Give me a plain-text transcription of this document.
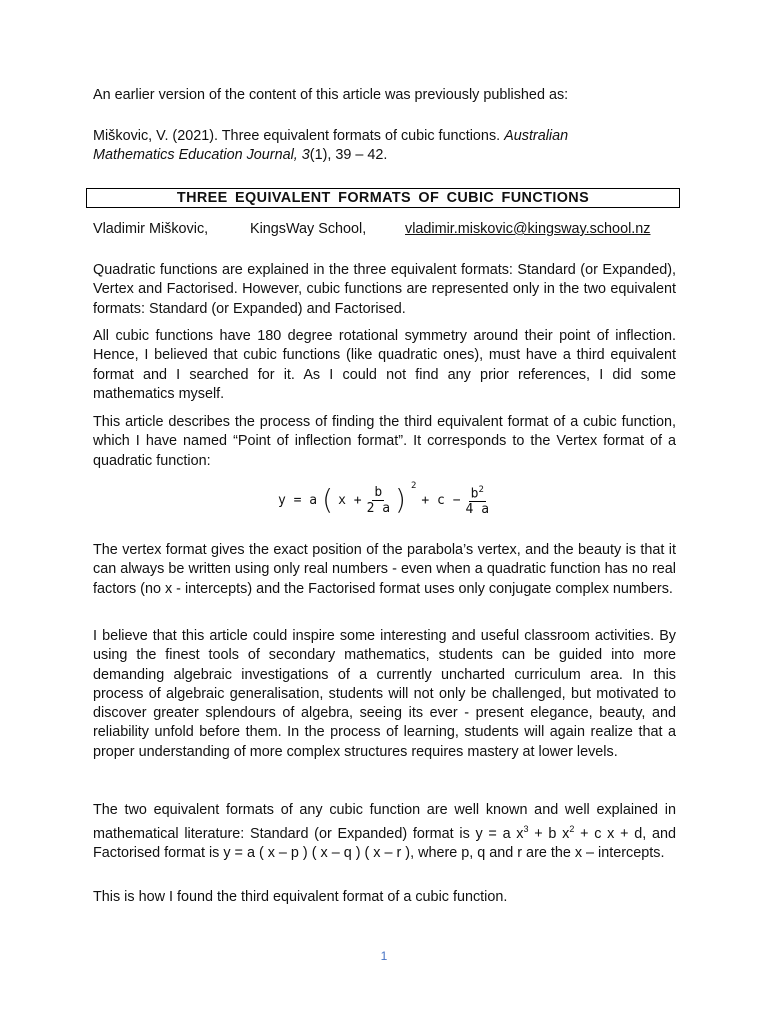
An earlier version of the content of this article was previously published as:

Miškovic, V. (2021). Three equivalent formats of cubic functions. Australian
Mathematics Education Journal, 3(1), 39 – 42.

Quadratic functions are explained in the three equivalent formats: Standard (or Expanded), Vertex and Factorised. However, cubic functions are represented only in the two equivalent formats: Standard (or Expanded) and Factorised.

All cubic functions have 180 degree rotational symmetry around their point of inflection. Hence, I believed that cubic functions (like quadratic ones), must have a third equivalent format and I searched for it. As I could not find any prior references, I did some mathematics myself.

This article describes the process of finding the third equivalent format of a cubic function, which I have named “Point of inflection format”. It corresponds to the Vertex format of a quadratic function:

The vertex format gives the exact position of the parabola’s vertex, and the beauty is that it can always be written using only real numbers - even when a quadratic function has no real factors (no x - intercepts) and the Factorised format uses only conjugate complex numbers.

I believe that this article could inspire some interesting and useful classroom activities. By using the finest tools of secondary mathematics, students can be guided into more demanding algebraic investigations of a currently uncharted curriculum area. In this process of algebraic generalisation, students will not only be challenged, but motivated to discover greater splendours of algebra, seeing its ever - present elegance, beauty, and reliability unfold before them. In the process of learning, students will again realize that a proper understanding of more complex structures requires mastery at lower levels.

The two equivalent formats of any cubic function are well known and well explained in mathematical literature: Standard (or Expanded) format is y = a $x^3 + b$ $x^2 + c$ x + d, and Factorised format is y = a ( x – p ) ( x – q ) ( x – r ), where p, q and r are the x – intercepts.

This is how I found the third equivalent format of a cubic function.

THREE EQUIVALENT FORMATS OF CUBIC FUNCTIONS
Vladimir Miškovic,	KingsWay School,	vladimir.miskovic@kingsway.school.nz
y = a ( $x + \frac{b}{2 a}$ ) 2
+ $c - \frac{b^2}{4 a}$
1
